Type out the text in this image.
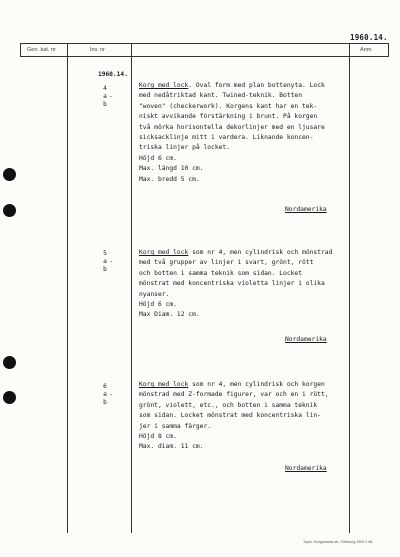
1960.14.
Gen. kat. nr	Inv. nr	Anm.
1960.14.
4
a -
b
Korg med lock. Oval form med plan bottenyta. Lock
med nedåtriktad kant. Twined-teknik. Botten
"woven" (checkerwork). Korgens kant har en tek-
niskt avvikande förstärkning i brunt. På korgen
två mörka horisontella dekorlinjer med en ljusare
sicksacklinje mitt i vardera. Liknande koncen-
triska linjer på locket.
Höjd 6 cm.
Max. längd 10 cm.
Max. bredd 5 cm.
Nordamerika
5
a -
b
Korg med lock som nr 4, men cylindrisk och mönstrad
med två grupper av linjer i svart, grönt, rött
och botten i samma teknik som sidan. Locket
mönstrat med koncentriska violetta linjer i olika
nyanser.
Höjd 6 cm.
Max Diam. 12 cm.
Nordamerika
6
a -
b
Korg med lock som nr 4, men cylindrisk och korgen
mönstrad med Z-formade figurer, var och en i rött,
grönt, violett, etc., och botten i samma teknik
som sidan. Locket mönstrat med koncentriska lin-
jer i samma färger.
Höjd 8 cm.
Max. diam. 11 cm.
Nordamerika
Tryck. Kungsbacka ab, Göteborg 3309 1 68
